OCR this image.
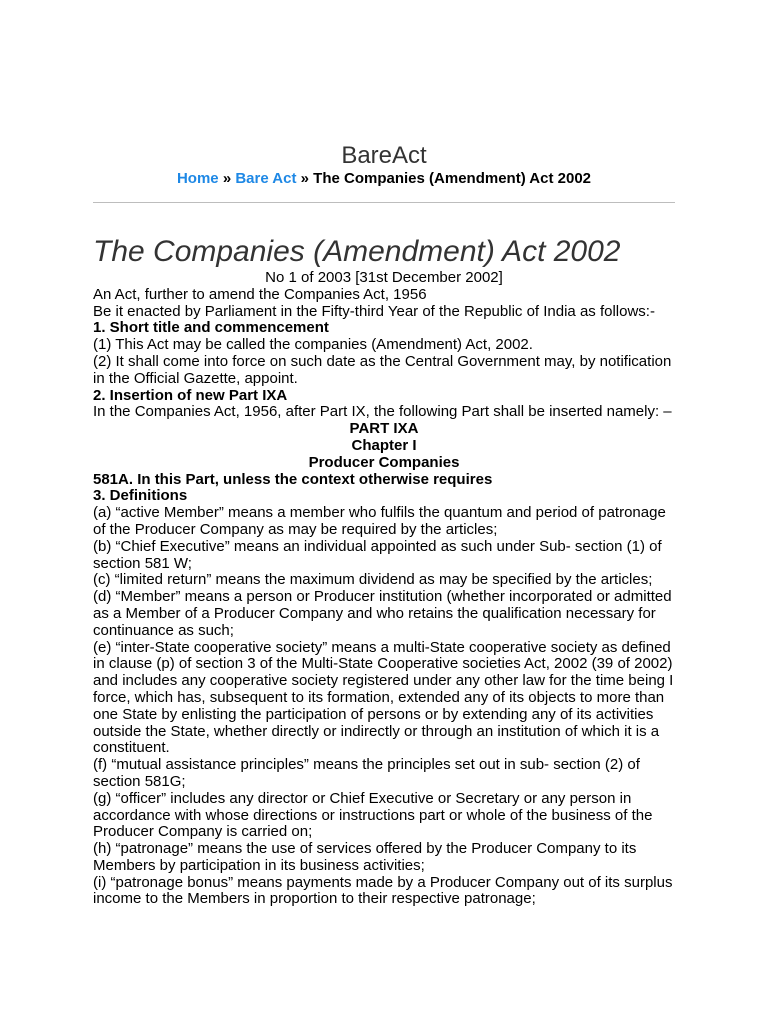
BareAct
Home » Bare Act » The Companies (Amendment) Act 2002
The Companies (Amendment) Act 2002
No 1 of 2003 [31st December 2002]
An Act, further to amend the Companies Act, 1956
Be it enacted by Parliament in the Fifty-third Year of the Republic of India as follows:-
1. Short title and commencement
(1) This Act may be called the companies (Amendment) Act, 2002.
(2) It shall come into force on such date as the Central Government may, by notification in the Official Gazette, appoint.
2. Insertion of new Part IXA
In the Companies Act, 1956, after Part IX, the following Part shall be inserted namely: –
PART IXA
Chapter I
Producer Companies
581A. In this Part, unless the context otherwise requires
3. Definitions
(a) “active Member” means a member who fulfils the quantum and period of patronage of the Producer Company as may be required by the articles;
(b) “Chief Executive” means an individual appointed as such under Sub- section (1) of section 581 W;
(c) “limited return” means the maximum dividend as may be specified by the articles;
(d) “Member” means a person or Producer institution (whether incorporated or admitted as a Member of a Producer Company and who retains the qualification necessary for continuance as such;
(e) “inter-State cooperative society” means a multi-State cooperative society as defined in clause (p) of section 3 of the Multi-State Cooperative societies Act, 2002 (39 of 2002) and includes any cooperative society registered under any other law for the time being I force, which has, subsequent to its formation, extended any of its objects to more than one State by enlisting the participation of persons or by extending any of its activities outside the State, whether directly or indirectly or through an institution of which it is a constituent.
(f) “mutual assistance principles” means the principles set out in sub- section (2) of section 581G;
(g) “officer” includes any director or Chief Executive or Secretary or any person in accordance with whose directions or instructions part or whole of the business of the Producer Company is carried on;
(h) “patronage” means the use of services offered by the Producer Company to its Members by participation in its business activities;
(i) “patronage bonus” means payments made by a Producer Company out of its surplus income to the Members in proportion to their respective patronage;
